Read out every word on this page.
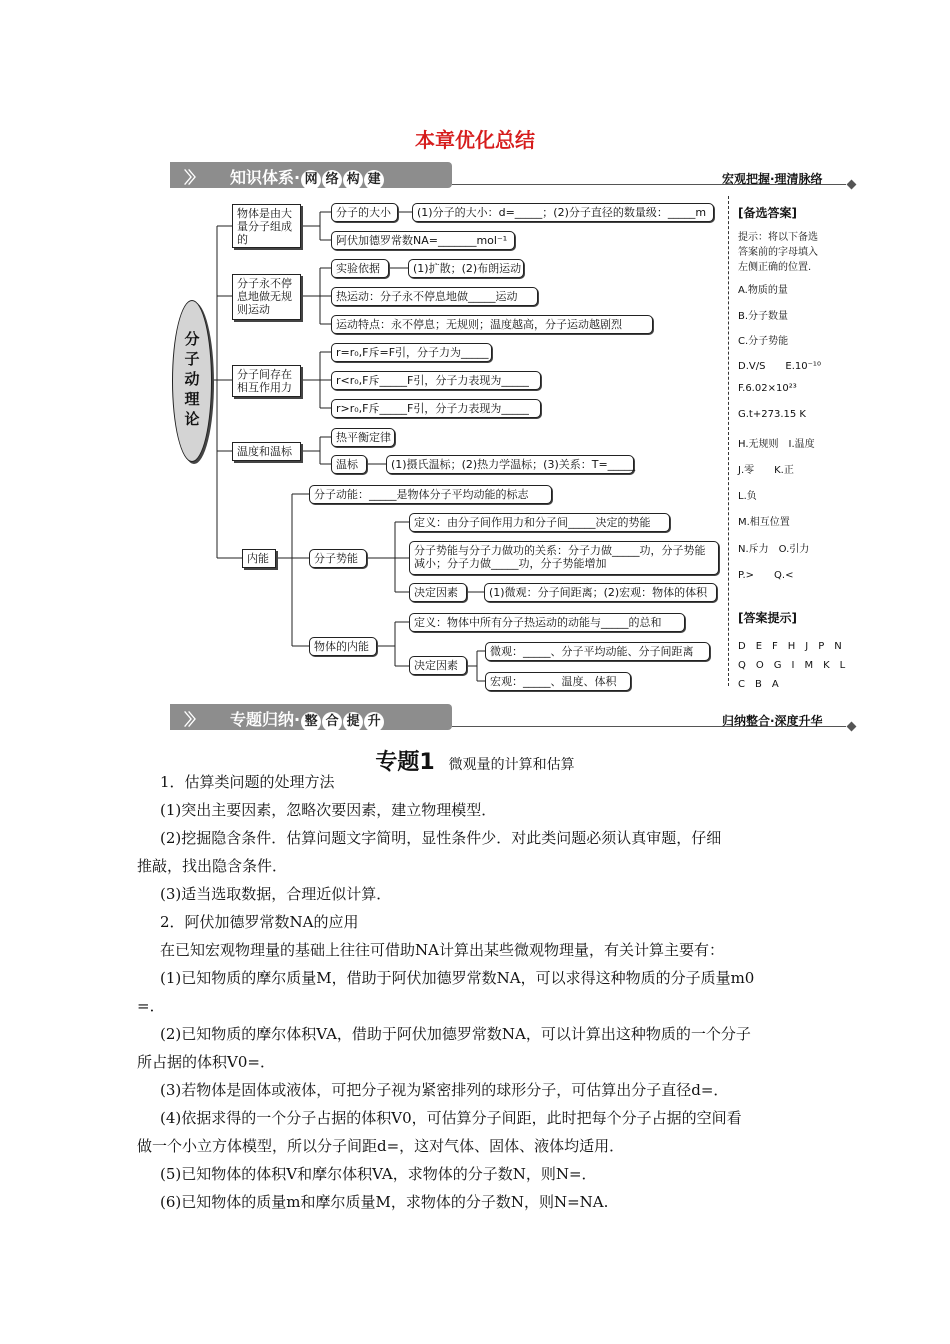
本章优化总结
〉〉 知识体系· 网 络 构 建	宏观把握·理清脉络
分子动理论
物体是由大量分子组成的
分子永不停息地做无规则运动
分子间存在相互作用力
温度和温标
内能
分子的大小	(1)分子的大小：d=_____；(2)分子直径的数量级：_____m
阿伏加德罗常数NA=_______mol⁻¹
实验依据	(1)扩散；(2)布朗运动
热运动：分子永不停息地做_____运动
运动特点：永不停息；无规则；温度越高，分子运动越剧烈
r=r₀,F斥=F引，分子力为_____
r<r₀,F斥_____F引，分子力表现为_____
r>r₀,F斥_____F引，分子力表现为_____
热平衡定律
温标	(1)摄氏温标；(2)热力学温标；(3)关系：T=_____
分子动能：_____是物体分子平均动能的标志
分子势能
定义：由分子间作用力和分子间_____决定的势能
分子势能与分子力做功的关系：分子力做_____功，分子势能减小；分子力做_____功，分子势能增加
决定因素	(1)微观：分子间距离；(2)宏观：物体的体积
物体的内能
定义：物体中所有分子热运动的动能与_____的总和
决定因素
微观：_____、分子平均动能、分子间距离
宏观：_____、温度、体积
[备选答案]
提示：将以下备选
答案前的字母填入
左侧正确的位置.
A.物质的量
B.分子数量
C.分子势能
D.V/S　　E.10⁻¹⁰
F.6.02×10²³
G.t+273.15 K
H.无规则　I.温度
J.零　　K.正
L.负
M.相互位置
N.斥力　O.引力
P.>　　Q.<
[答案提示]
D　E　F　H　J　P　N
Q　O　G　I　M　K　L
C　B　A
〉〉 专题归纳· 整 合 提 升	归纳整合·深度升华
专题1 微观量的计算和估算
1．估算类问题的处理方法
(1)突出主要因素，忽略次要因素，建立物理模型．
(2)挖掘隐含条件．估算问题文字简明，显性条件少．对此类问题必须认真审题，仔细
推敲，找出隐含条件．
(3)适当选取数据，合理近似计算．
2．阿伏加德罗常数NA的应用
在已知宏观物理量的基础上往往可借助NA计算出某些微观物理量，有关计算主要有：
(1)已知物质的摩尔质量M，借助于阿伏加德罗常数NA，可以求得这种物质的分子质量m0
=．
(2)已知物质的摩尔体积VA，借助于阿伏加德罗常数NA，可以计算出这种物质的一个分子
所占据的体积V0=．
(3)若物体是固体或液体，可把分子视为紧密排列的球形分子，可估算出分子直径d=．
(4)依据求得的一个分子占据的体积V0，可估算分子间距，此时把每个分子占据的空间看
做一个小立方体模型，所以分子间距d=，这对气体、固体、液体均适用．
(5)已知物体的体积V和摩尔体积VA，求物体的分子数N，则N=．
(6)已知物体的质量m和摩尔质量M，求物体的分子数N，则N=NA.
